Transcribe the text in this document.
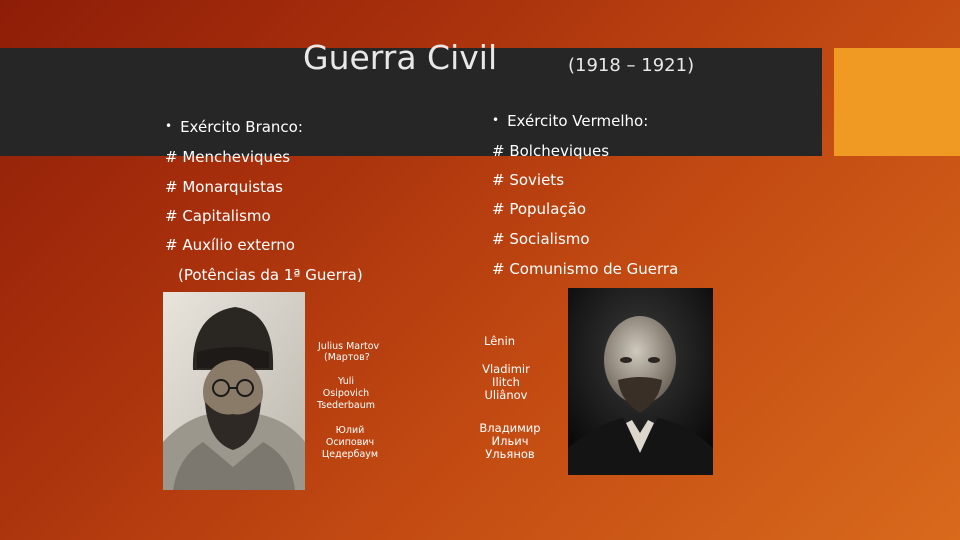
Guerra Civil	(1918 – 1921)
• Exército Branco:
# Mencheviques
# Monarquistas
# Capitalismo
# Auxílio externo
(Potências da 1ª Guerra)
• Exército Vermelho:
# Bolcheviques
# Soviets
# População
# Socialismo
# Comunismo de Guerra
Julius Martov
(Мартов?
Yuli
Osipovich
Tsederbaum
Юлий
Осипович
Цедербаум
Lênin
Vladimir
Ilitch
Uliânov
Владимир
Ильич
Ульянов
